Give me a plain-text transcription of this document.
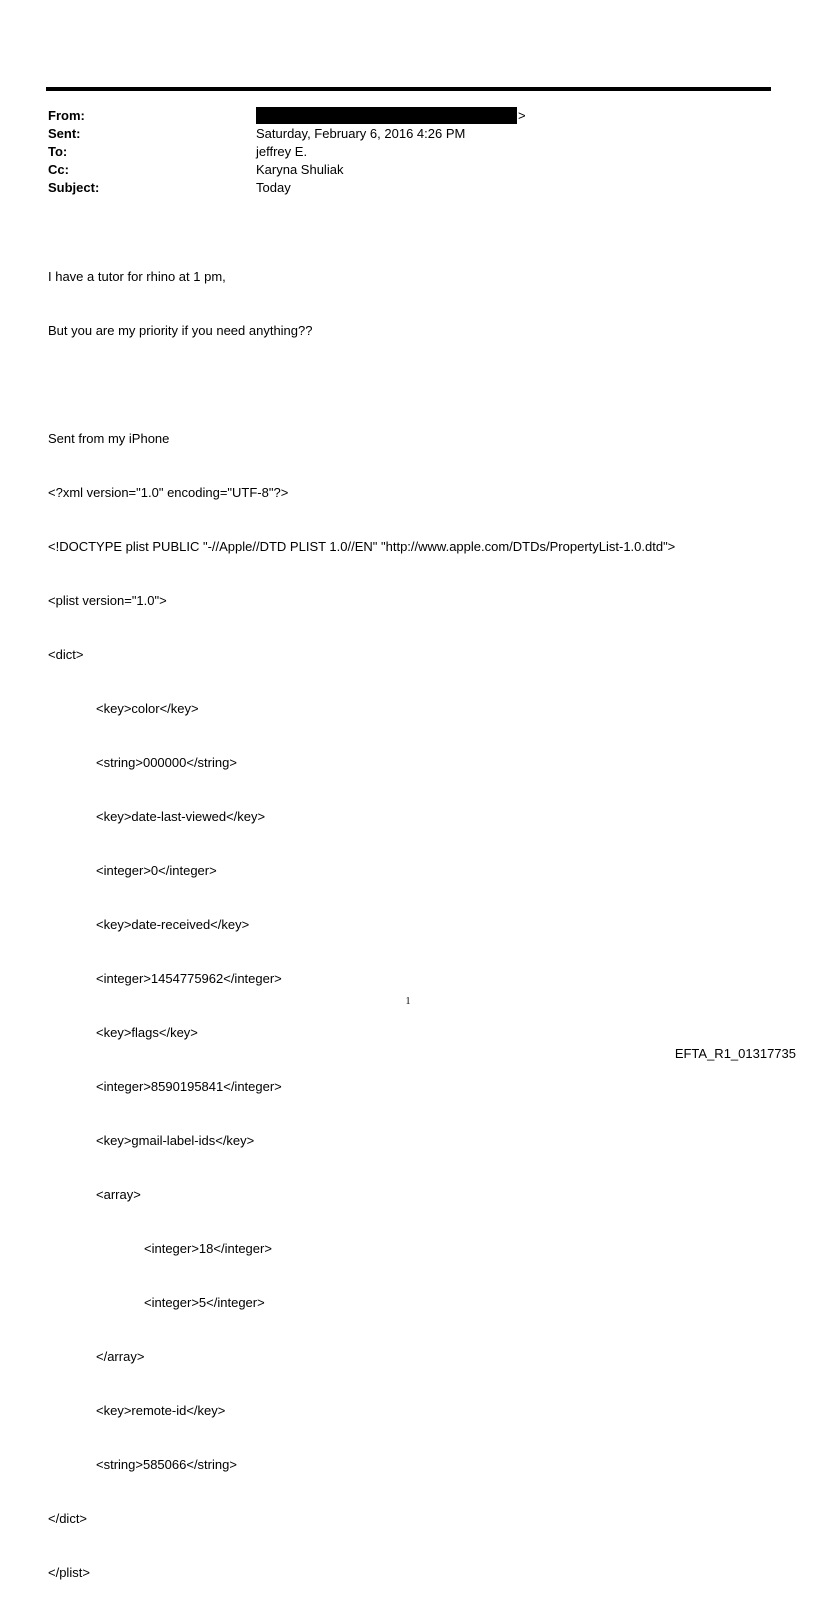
From:	>
Sent:	Saturday, February 6, 2016 4:26 PM
To:	jeffrey E.
Cc:	Karyna Shuliak
Subject:	Today

I have a tutor for rhino at 1 pm,

But you are my priority if you need anything??

Sent from my iPhone

<?xml version="1.0" encoding="UTF-8"?>

<!DOCTYPE plist PUBLIC "-//Apple//DTD PLIST 1.0//EN" "http://www.apple.com/DTDs/PropertyList-1.0.dtd">

<plist version="1.0">

<dict>

<key>color</key>

<string>000000</string>

<key>date-last-viewed</key>

<integer>0</integer>

<key>date-received</key>

<integer>1454775962</integer>

<key>flags</key>

<integer>8590195841</integer>

<key>gmail-label-ids</key>

<array>

<integer>18</integer>

<integer>5</integer>

</array>

<key>remote-id</key>

<string>585066</string>

</dict>

</plist>

1
EFTA_R1_01317735
